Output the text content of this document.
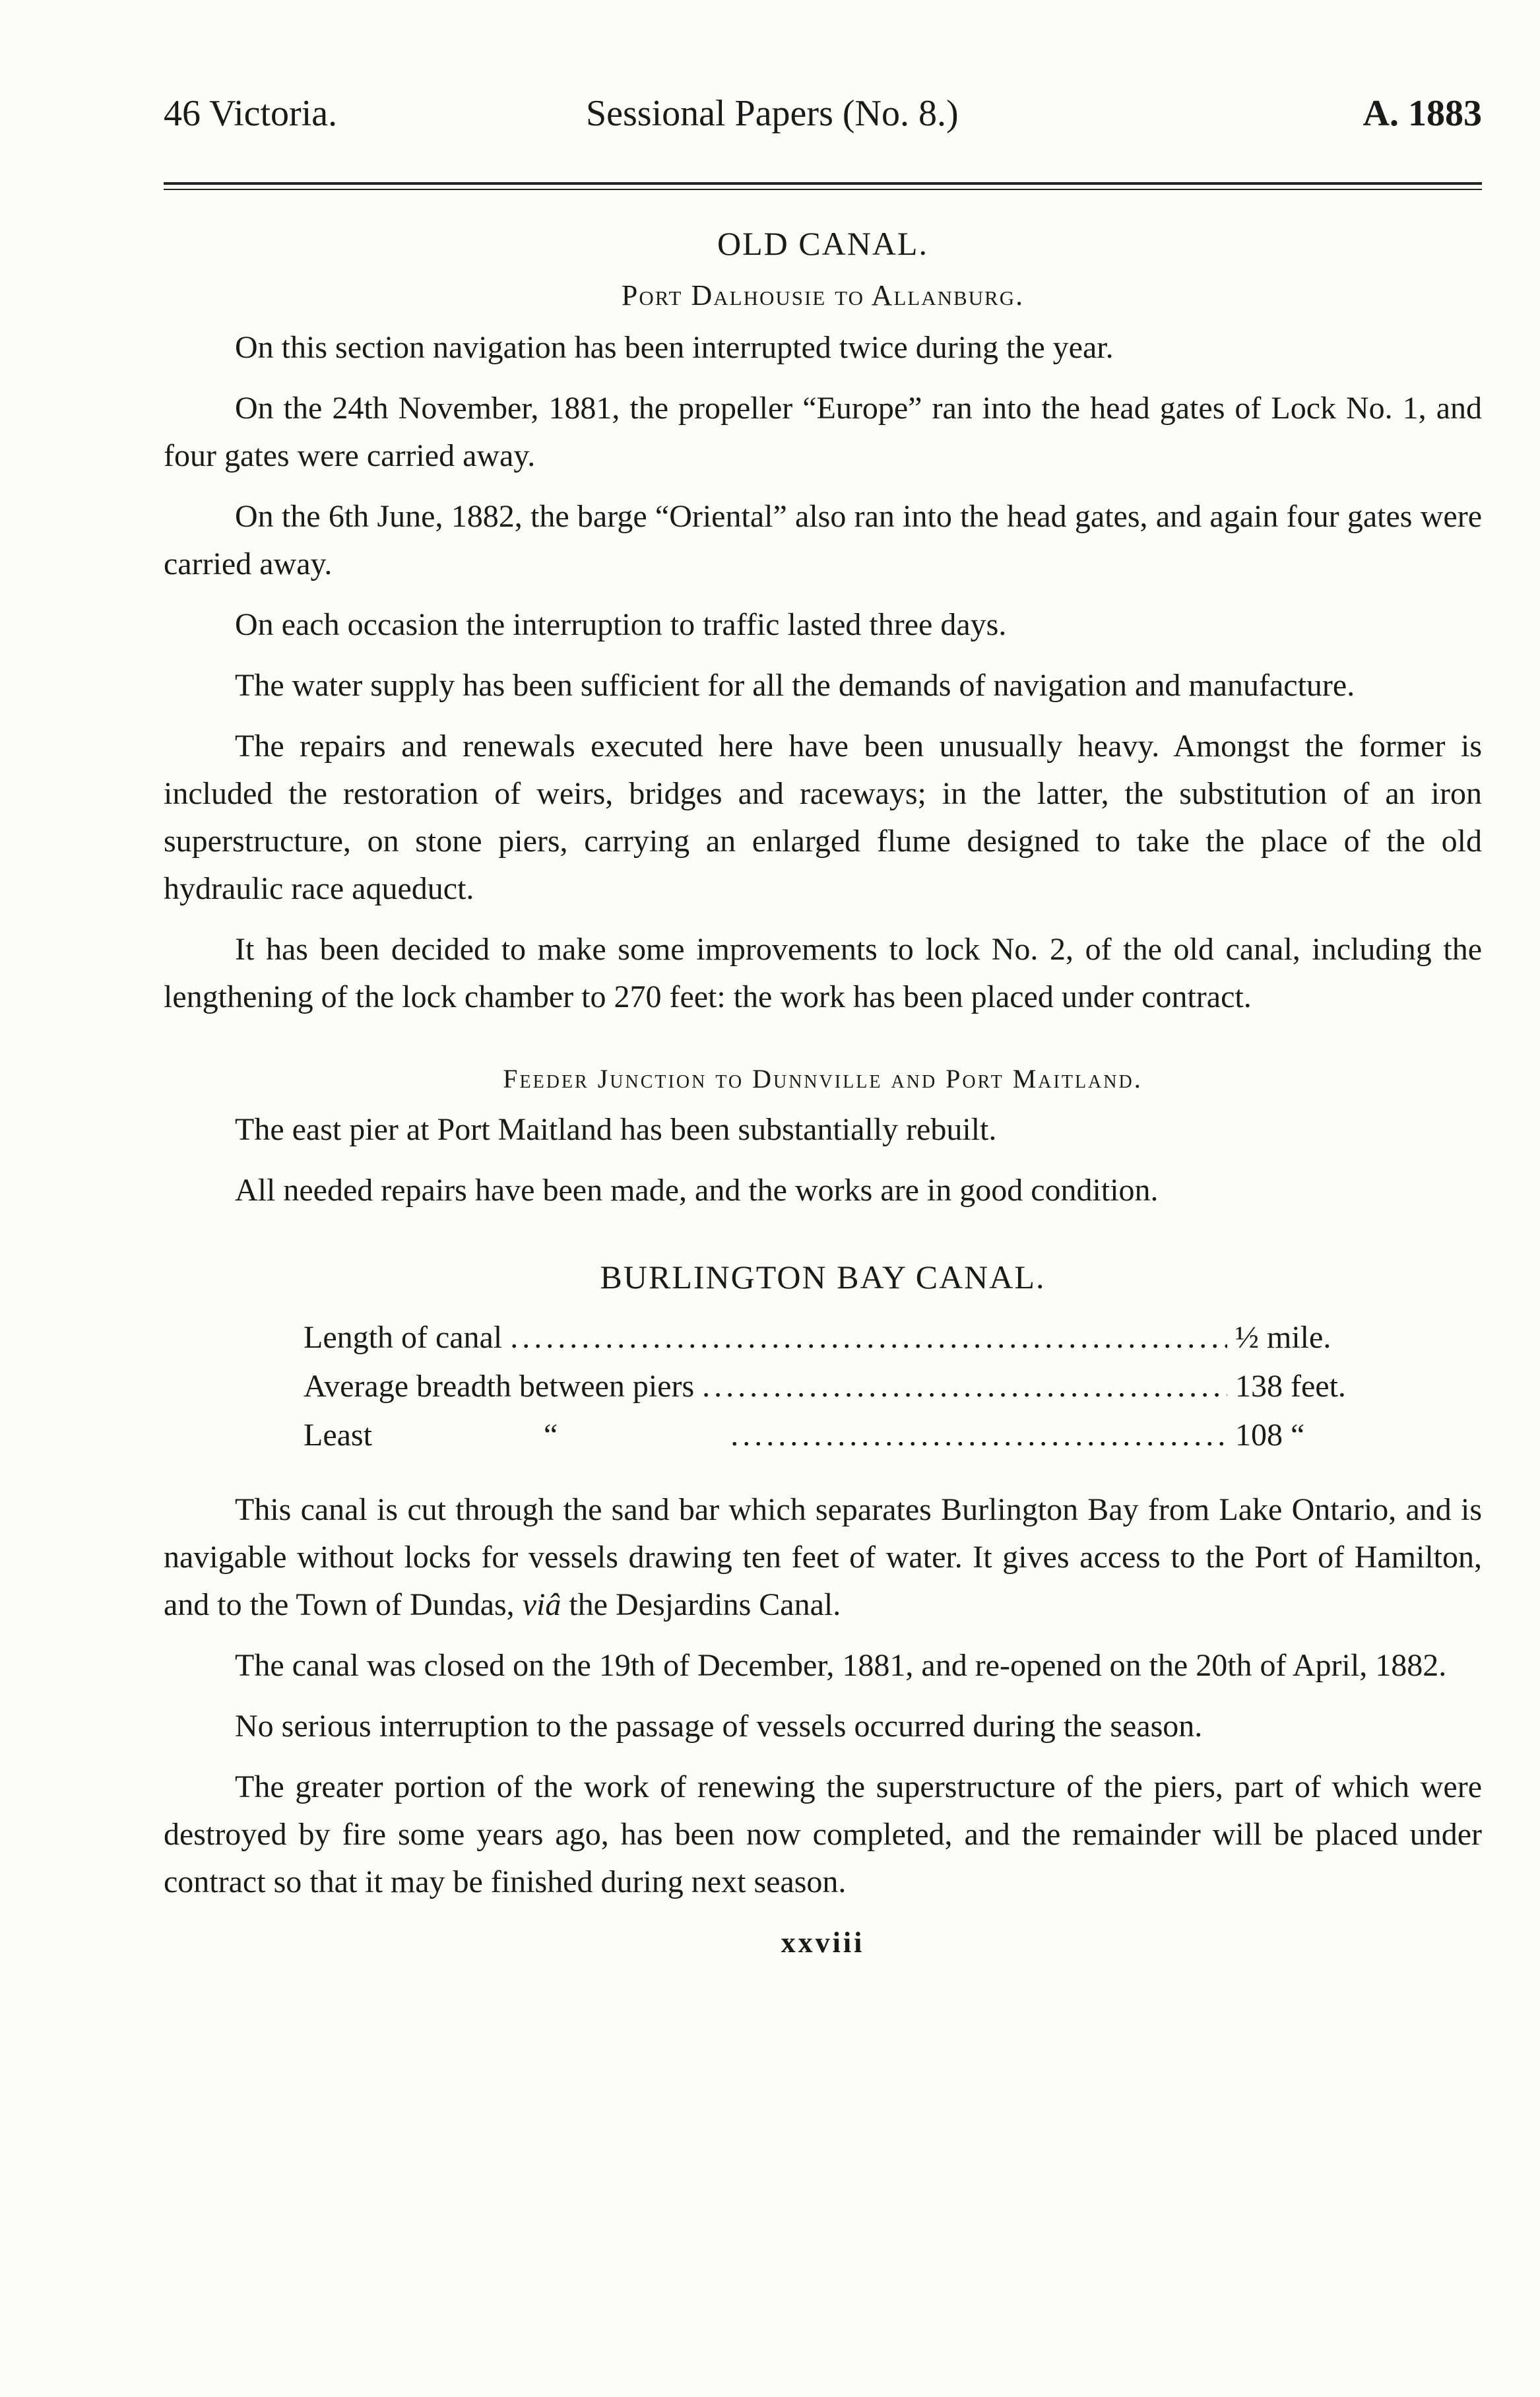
46 Victoria.	Sessional Papers (No. 8.)	A. 1883
OLD CANAL.
Port Dalhousie to Allanburg.

On this section navigation has been interrupted twice during the year.

On the 24th November, 1881, the propeller “Europe” ran into the head gates of Lock No. 1, and four gates were carried away.

On the 6th June, 1882, the barge “Oriental” also ran into the head gates, and again four gates were carried away.

On each occasion the interruption to traffic lasted three days.

The water supply has been sufficient for all the demands of navigation and manufacture.

The repairs and renewals executed here have been unusually heavy. Amongst the former is included the restoration of weirs, bridges and raceways; in the latter, the substitution of an iron superstructure, on stone piers, carrying an enlarged flume designed to take the place of the old hydraulic race aqueduct.

It has been decided to make some improvements to lock No. 2, of the old canal, including the lengthening of the lock chamber to 270 feet: the work has been placed under contract.

Feeder Junction to Dunnville and Port Maitland.

The east pier at Port Maitland has been substantially rebuilt.

All needed repairs have been made, and the works are in good condition.

BURLINGTON BAY CANAL.
Length of canal .....	½ mile.
Average breadth between piers .....	138 feet.
Least	“ .....	108 “

This canal is cut through the sand bar which separates Burlington Bay from Lake Ontario, and is navigable without locks for vessels drawing ten feet of water. It gives access to the Port of Hamilton, and to the Town of Dundas, viâ the Desjardins Canal.

The canal was closed on the 19th of December, 1881, and re-opened on the 20th of April, 1882.

No serious interruption to the passage of vessels occurred during the season.

The greater portion of the work of renewing the superstructure of the piers, part of which were destroyed by fire some years ago, has been now completed, and the remainder will be placed under contract so that it may be finished during next season.

xxviii
